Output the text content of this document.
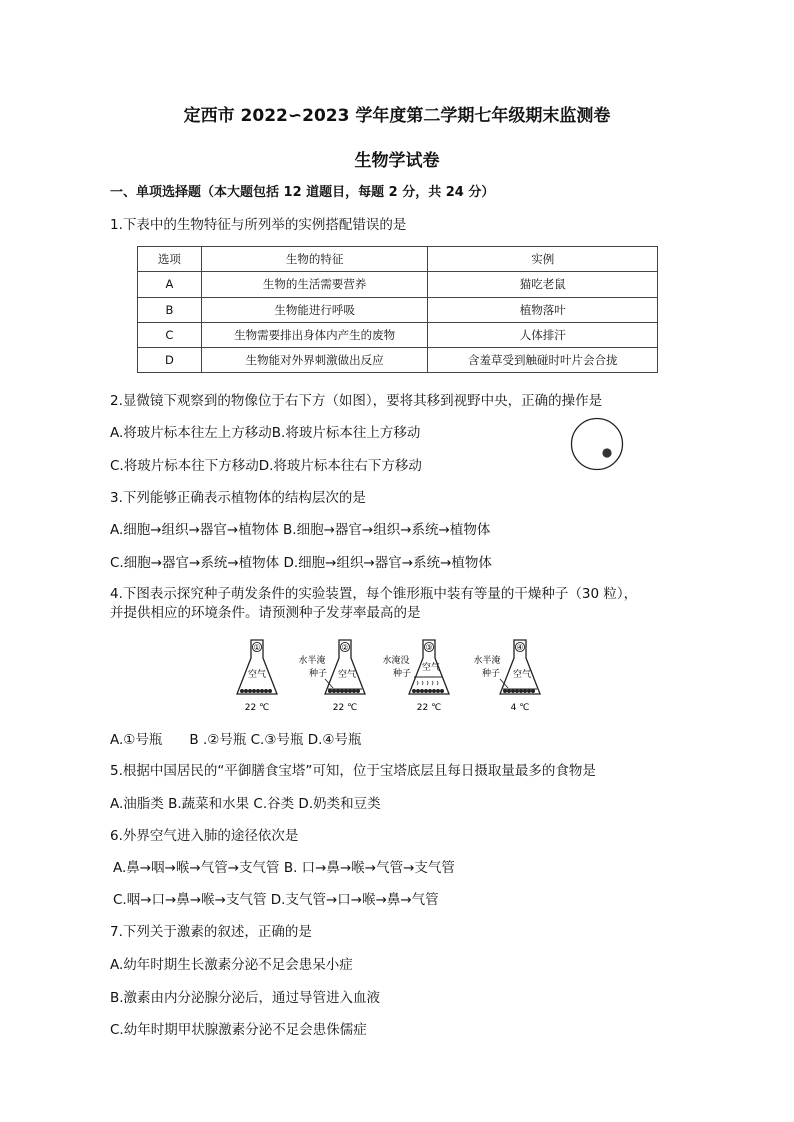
定西市 2022∽2023 学年度第二学期七年级期末监测卷
生物学试卷
一、单项选择题（本大题包括 12 道题目，每题 2 分，共 24 分）
1.下表中的生物特征与所列举的实例搭配错误的是
选项	生物的特征	实例
A	生物的生活需要营养	猫吃老鼠
B	生物能进行呼吸	植物落叶
C	生物需要排出身体内产生的废物	人体排汗
D	生物能对外界刺激做出反应	含羞草受到触碰时叶片会合拢
2.显微镜下观察到的物像位于右下方（如图），要将其移到视野中央，正确的操作是
A.将玻片标本往左上方移动B.将玻片标本往上方移动
C.将玻片标本往下方移动D.将玻片标本往右下方移动
3.下列能够正确表示植物体的结构层次的是
A.细胞→组织→器官→植物体 B.细胞→器官→组织→系统→植物体
C.细胞→器官→系统→植物体 D.细胞→组织→器官→系统→植物体
4.下图表示探究种子萌发条件的实验装置，每个锥形瓶中装有等量的干燥种子（30 粒），
并提供相应的环境条件。请预测种子发芽率最高的是
①
空气
22 ℃
②
空气
水半淹
种子
22 ℃
③
空气
水淹没
种子
22 ℃
④
空气
水半淹
种子
4 ℃
A.①号瓶　　B .②号瓶 C.③号瓶 D.④号瓶
5.根据中国居民的“平御膳食宝塔”可知，位于宝塔底层且每日摄取量最多的食物是
A.油脂类 B.蔬菜和水果 C.谷类 D.奶类和豆类
6.外界空气进入肺的途径依次是
A.鼻→咽→喉→气管→支气管 B. 口→鼻→喉→气管→支气管
C.咽→口→鼻→喉→支气管 D.支气管→口→喉→鼻→气管
7.下列关于激素的叙述，正确的是
A.幼年时期生长激素分泌不足会患呆小症
B.激素由内分泌腺分泌后，通过导管进入血液
C.幼年时期甲状腺激素分泌不足会患侏儒症
